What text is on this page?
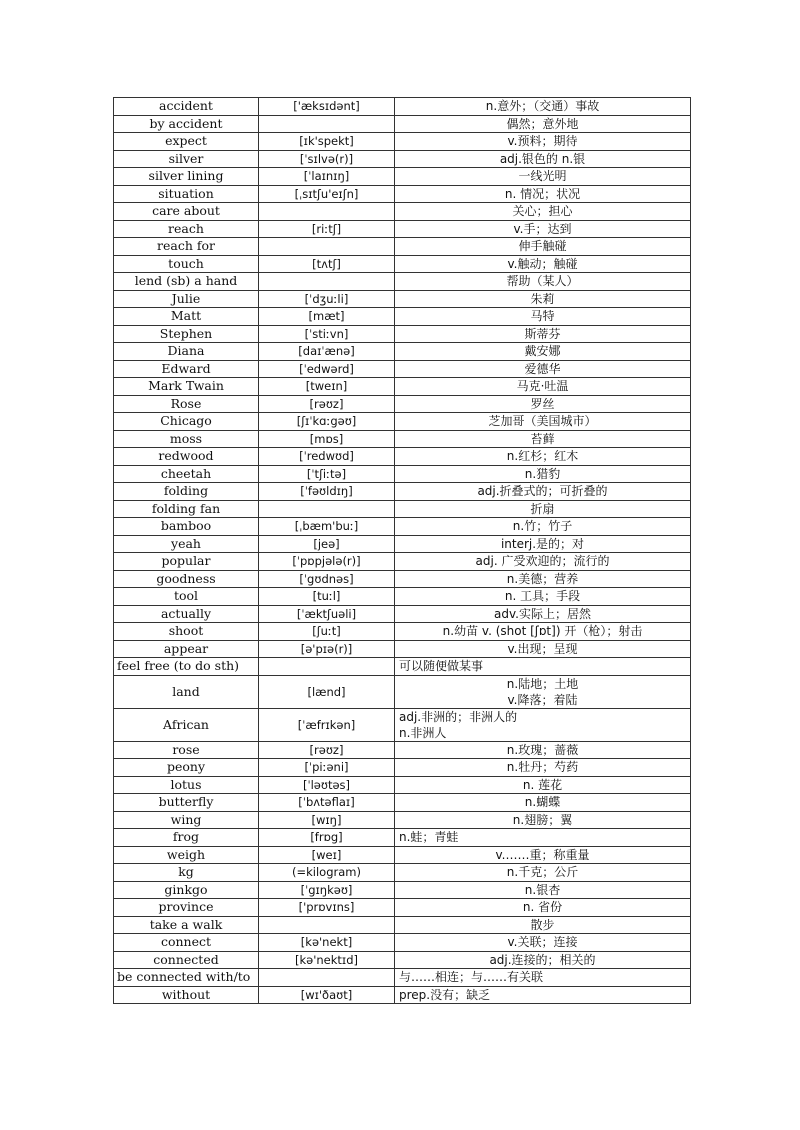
accident	['æksɪdənt]	n.意外；（交通）事故
by accident		偶然；意外地
expect	[ɪk'spekt]	v.预料；期待
silver	[ˈsɪlvə(r)]	adj.银色的 n.银
silver lining	[ˈlaɪnɪŋ]	一线光明
situation	[ˌsɪtʃu'eɪʃn]	n. 情况；状况
care about		关心；担心
reach	[riːtʃ]	v.手；达到
reach for		伸手触碰
touch	[tʌtʃ]	v.触动；触碰
lend (sb) a hand		帮助（某人）
Julie	[ˈdʒuːli]	朱莉
Matt	[mæt]	马特
Stephen	[ˈstiːvn]	斯蒂芬
Diana	[daɪˈænə]	戴安娜
Edward	[ˈedwərd]	爱德华
Mark Twain	[tweɪn]	马克·吐温
Rose	[rəʊz]	罗丝
Chicago	[ʃɪˈkɑːgəʊ]	芝加哥（美国城市）
moss	[mɒs]	苔藓
redwood	[ˈredwʊd]	n.红杉；红木
cheetah	[ˈtʃiːtə]	n.猎豹
folding	[ˈfəʊldɪŋ]	adj.折叠式的；可折叠的
folding fan		折扇
bamboo	[ˌbæm'buː]	n.竹；竹子
yeah	[jeə]	interj.是的；对
popular	[ˈpɒpjələ(r)]	adj. 广受欢迎的；流行的
goodness	[ˈgʊdnəs]	n.美德；营养
tool	[tuːl]	n. 工具；手段
actually	[ˈæktʃuəli]	adv.实际上；居然
shoot	[ʃuːt]	n.幼苗 v. (shot [ʃɒt]) 开（枪）；射击
appear	[ə'pɪə(r)]	v.出现；呈现
feel free (to do sth)		可以随便做某事
land	[lænd]	n.陆地；土地
v.降落；着陆

African	[ˈæfrɪkən]	adj.非洲的；非洲人的
n.非洲人

rose	[rəʊz]	n.玫瑰；蔷薇
peony	[ˈpiːəni]	n.牡丹；芍药
lotus	[ˈləʊtəs]	n. 莲花
butterfly	[ˈbʌtəflaɪ]	n.蝴蝶
wing	[wɪŋ]	n.翅膀；翼
frog	[frɒg]	n.蛙；青蛙
weigh	[weɪ]	v.……重；称重量
kg	(=kilogram)	n.千克；公斤
ginkgo	[ˈgɪŋkəʊ]	n.银杏
province	['prɒvɪns]	n. 省份
take a walk		散步
connect	[kə'nekt]	v.关联；连接
connected	[kə'nektɪd]	adj.连接的；相关的
be connected with/to		与……相连；与……有关联
without	[wɪ'ðaʊt]	prep.没有；缺乏
